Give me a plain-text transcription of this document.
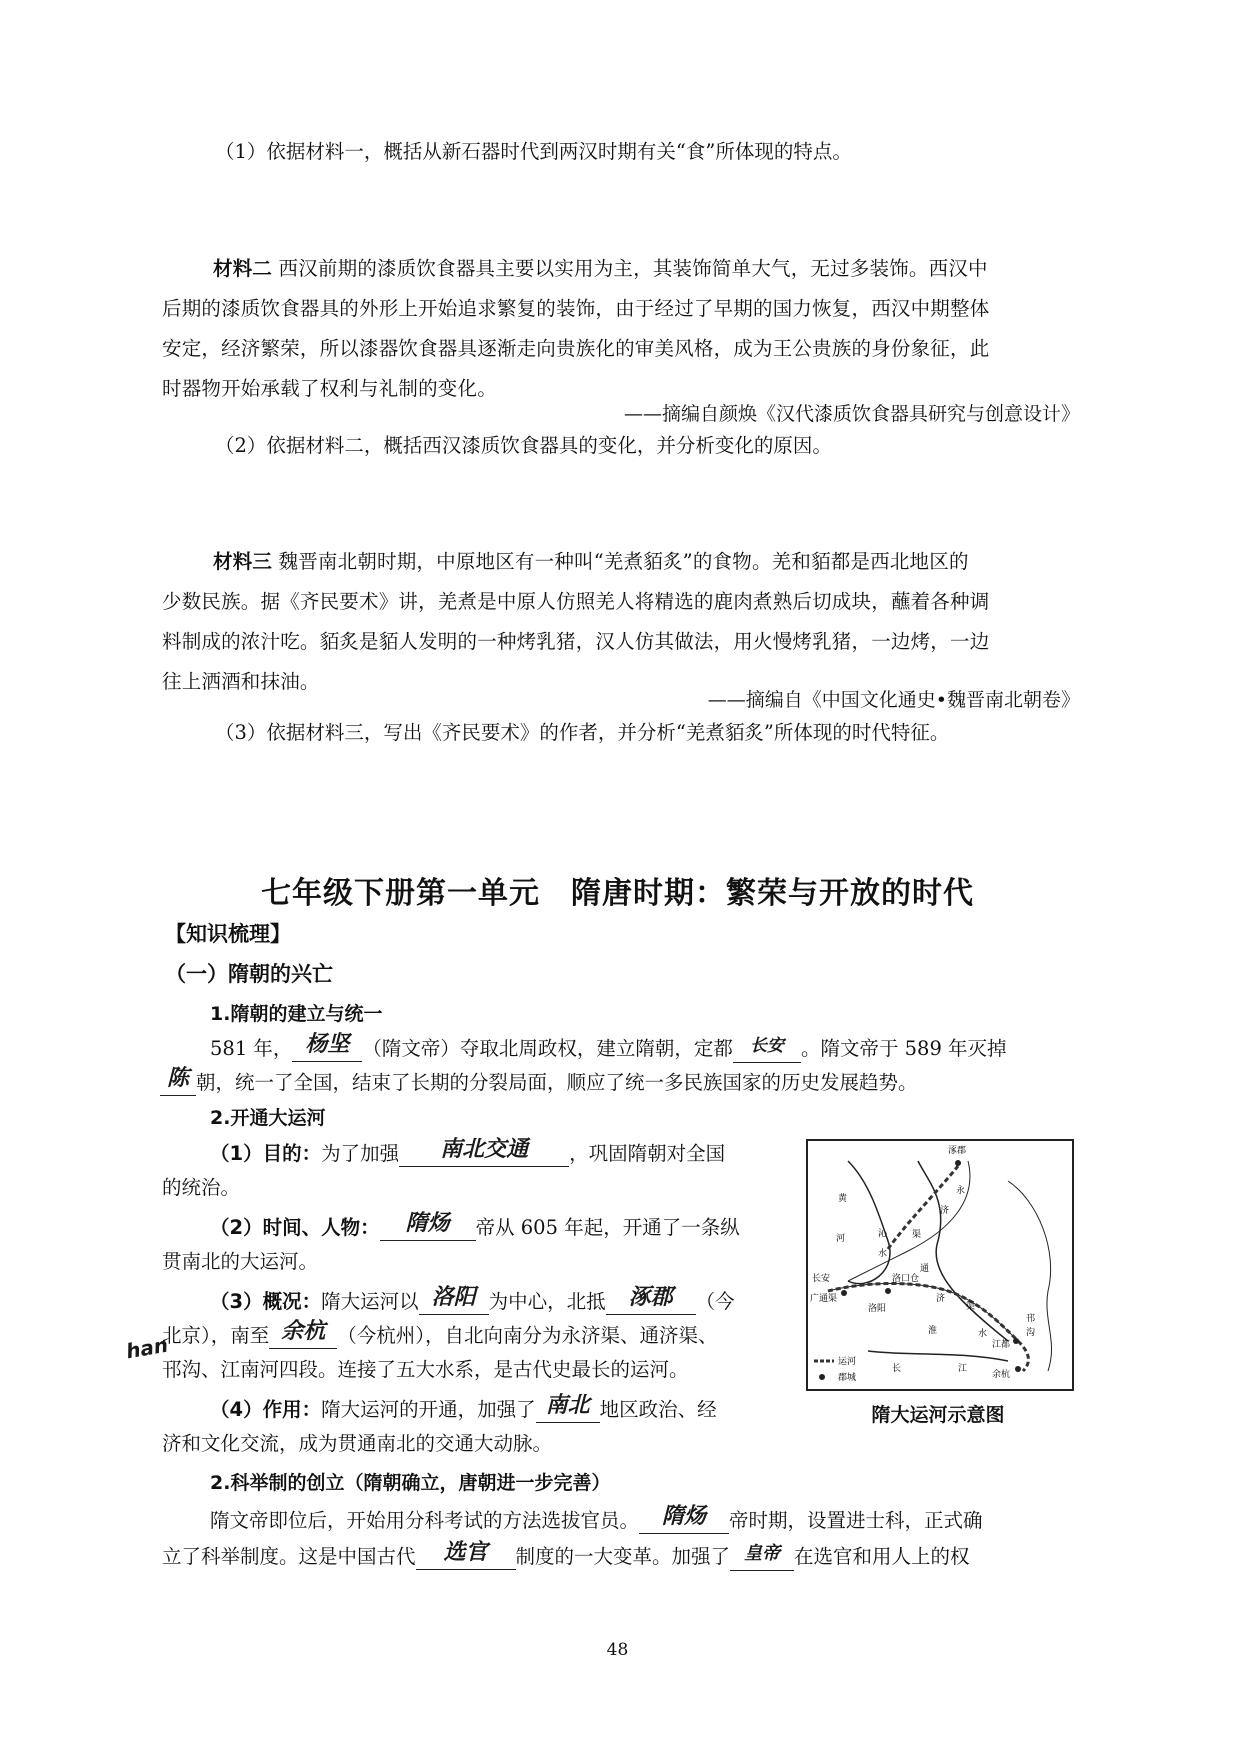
（1）依据材料一，概括从新石器时代到两汉时期有关“食”所体现的特点。
材料二 西汉前期的漆质饮食器具主要以实用为主，其装饰简单大气，无过多装饰。西汉中
后期的漆质饮食器具的外形上开始追求繁复的装饰，由于经过了早期的国力恢复，西汉中期整体
安定，经济繁荣，所以漆器饮食器具逐渐走向贵族化的审美风格，成为王公贵族的身份象征，此
时器物开始承载了权利与礼制的变化。
——摘编自颜焕《汉代漆质饮食器具研究与创意设计》
（2）依据材料二，概括西汉漆质饮食器具的变化，并分析变化的原因。
材料三 魏晋南北朝时期，中原地区有一种叫“羌煮貊炙”的食物。羌和貊都是西北地区的
少数民族。据《齐民要术》讲，羌煮是中原人仿照羌人将精选的鹿肉煮熟后切成块，蘸着各种调
料制成的浓汁吃。貊炙是貊人发明的一种烤乳猪，汉人仿其做法，用火慢烤乳猪，一边烤，一边
往上洒酒和抹油。
——摘编自《中国文化通史•魏晋南北朝卷》
（3）依据材料三，写出《齐民要术》的作者，并分析“羌煮貊炙”所体现的时代特征。
七年级下册第一单元　隋唐时期：繁荣与开放的时代
【知识梳理】
（一）隋朝的兴亡
1.隋朝的建立与统一
581 年， 杨坚 （隋文帝）夺取北周政权，建立隋朝，定都 长安 。隋文帝于 589 年灭掉
陈 朝，统一了全国，结束了长期的分裂局面，顺应了统一多民族国家的历史发展趋势。
2.开通大运河
（1）目的：为了加强 南北交通 ，巩固隋朝对全国
的统治。
（2）时间、人物： 隋炀 帝从 605 年起，开通了一条纵
贯南北的大运河。
（3）概况：隋大运河以 洛阳 为中心，北抵 涿郡 （今
北京），南至 余杭 （今杭州），自北向南分为永济渠、通济渠、
han
邗沟、江南河四段。连接了五大水系，是古代史最长的运河。
（4）作用：隋大运河的开通，加强了 南北 地区政治、经
济和文化交流，成为贯通南北的交通大动脉。
涿郡
黄
河
永
济
沁
水
渠
通
济
渠
长安
广通渠
洛阳
洛口仓
淮	水
邗
沟
江都
余杭
长	江
运河
郡城
隋大运河示意图
2.科举制的创立（隋朝确立，唐朝进一步完善）
隋文帝即位后，开始用分科考试的方法选拔官员。 隋炀 帝时期，设置进士科，正式确
立了科举制度。这是中国古代 选官 制度的一大变革。加强了 皇帝 在选官和用人上的权
48
